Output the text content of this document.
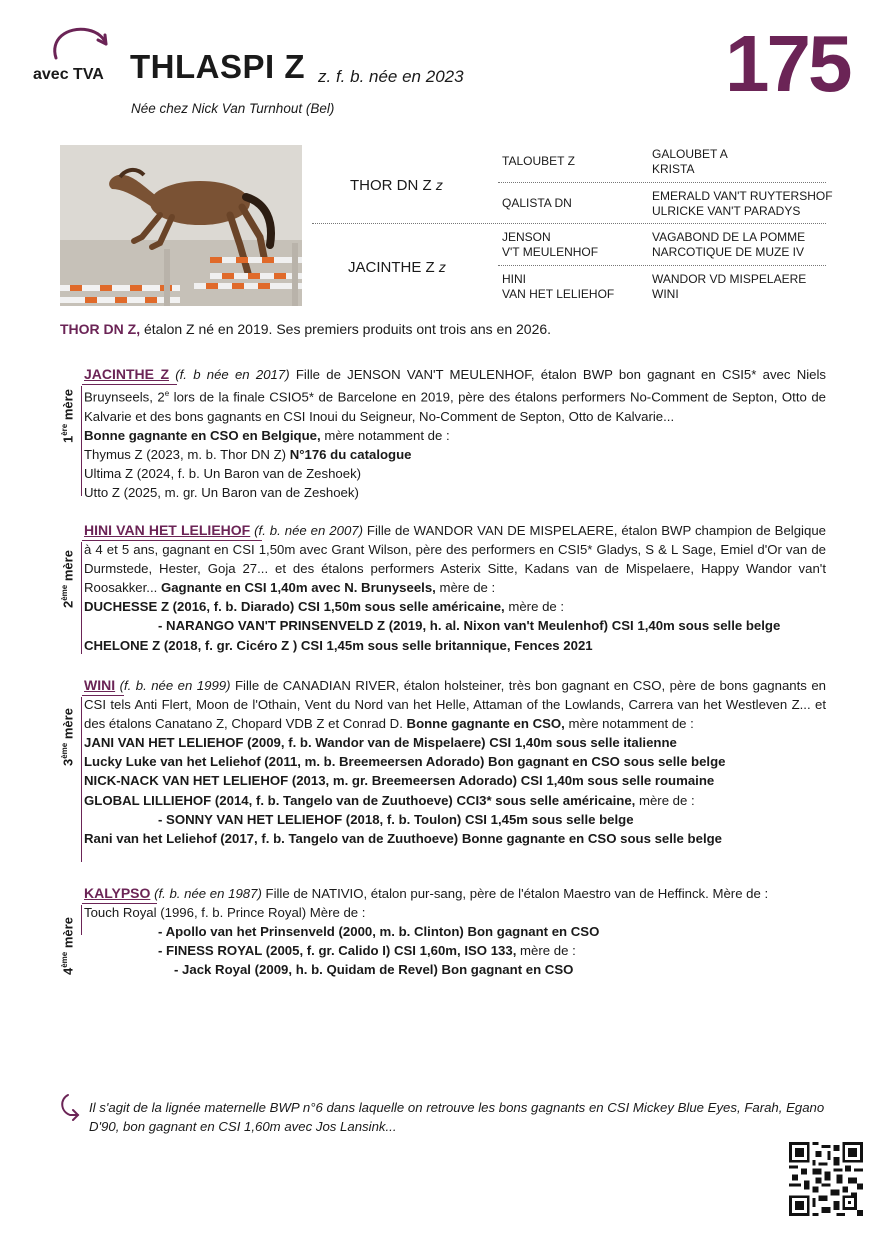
avec TVA THLASPI Z z. f. b. née en 2023
Née chez Nick Van Turnhout (Bel)
175
THOR DN Z z
JACINTHE Z z
TALOUBET Z
QALISTA DN
JENSON
V'T MEULENHOF
HINI
VAN HET LELIEHOF
GALOUBET A
KRISTA
EMERALD VAN'T RUYTERSHOF
ULRICKE VAN'T PARADYS
VAGABOND DE LA POMME
NARCOTIQUE DE MUZE IV
WANDOR VD MISPELAERE
WINI
THOR DN Z, étalon Z né en 2019. Ses premiers produits ont trois ans en 2026.
1ère mère
JACINTHE Z (f. b née en 2017) Fille de JENSON VAN'T MEULENHOF, étalon BWP bon gagnant en CSI5* avec Niels Bruynseels, 2e lors de la finale CSIO5* de Barcelone en 2019, père des étalons performers No-Comment de Septon, Otto de Kalvarie et des bons gagnants en CSI Inoui du Seigneur, No-Comment de Septon, Otto de Kalvarie...
Bonne gagnante en CSO en Belgique, mère notamment de :
Thymus Z (2023, m. b. Thor DN Z) N°176 du catalogue
Ultima Z (2024, f. b. Un Baron van de Zeshoek)
Utto Z (2025, m. gr. Un Baron van de Zeshoek)
2ème mère
HINI VAN HET LELIEHOF (f. b. née en 2007) Fille de WANDOR VAN DE MISPELAERE, étalon BWP champion de Belgique à 4 et 5 ans, gagnant en CSI 1,50m avec Grant Wilson, père des performers en CSI5* Gladys, S & L Sage, Emiel d'Or van de Durmstede, Hester, Goja 27... et des étalons performers Asterix Sitte, Kadans van de Mispelaere, Happy Wandor van't Roosakker... Gagnante en CSI 1,40m avec N. Brunyseels, mère de :
DUCHESSE Z (2016, f. b. Diarado) CSI 1,50m sous selle américaine, mère de :
- NARANGO VAN'T PRINSENVELD Z (2019, h. al. Nixon van't Meulenhof) CSI 1,40m sous selle belge
CHELONE Z (2018, f. gr. Cicéro Z ) CSI 1,45m sous selle britannique, Fences 2021
3ème mère
WINI (f. b. née en 1999) Fille de CANADIAN RIVER, étalon holsteiner, très bon gagnant en CSO, père de bons gagnants en CSI tels Anti Flert, Moon de l'Othain, Vent du Nord van het Helle, Attaman of the Lowlands, Carrera van het Westleven Z... et des étalons Canatano Z, Chopard VDB Z et Conrad D. Bonne gagnante en CSO, mère notamment de :
JANI VAN HET LELIEHOF (2009, f. b. Wandor van de Mispelaere) CSI 1,40m sous selle italienne
Lucky Luke van het Leliehof (2011, m. b. Breemeersen Adorado) Bon gagnant en CSO sous selle belge
NICK-NACK VAN HET LELIEHOF (2013, m. gr. Breemeersen Adorado) CSI 1,40m sous selle roumaine
GLOBAL LILLIEHOF (2014, f. b. Tangelo van de Zuuthoeve) CCI3* sous selle américaine, mère de :
- SONNY VAN HET LELIEHOF (2018, f. b. Toulon) CSI 1,45m sous selle belge
Rani van het Leliehof (2017, f. b. Tangelo van de Zuuthoeve) Bonne gagnante en CSO sous selle belge
4ème mère
KALYPSO (f. b. née en 1987) Fille de NATIVIO, étalon pur-sang, père de l'étalon Maestro van de Heffinck. Mère de :
Touch Royal (1996, f. b. Prince Royal) Mère de :
- Apollo van het Prinsenveld (2000, m. b. Clinton) Bon gagnant en CSO
- FINESS ROYAL (2005, f. gr. Calido I) CSI 1,60m, ISO 133, mère de :
- Jack Royal (2009, h. b. Quidam de Revel) Bon gagnant en CSO
Il s'agit de la lignée maternelle BWP n°6 dans laquelle on retrouve les bons gagnants en CSI Mickey Blue Eyes, Farah, Egano D'90, bon gagnant en CSI 1,60m avec Jos Lansink...
